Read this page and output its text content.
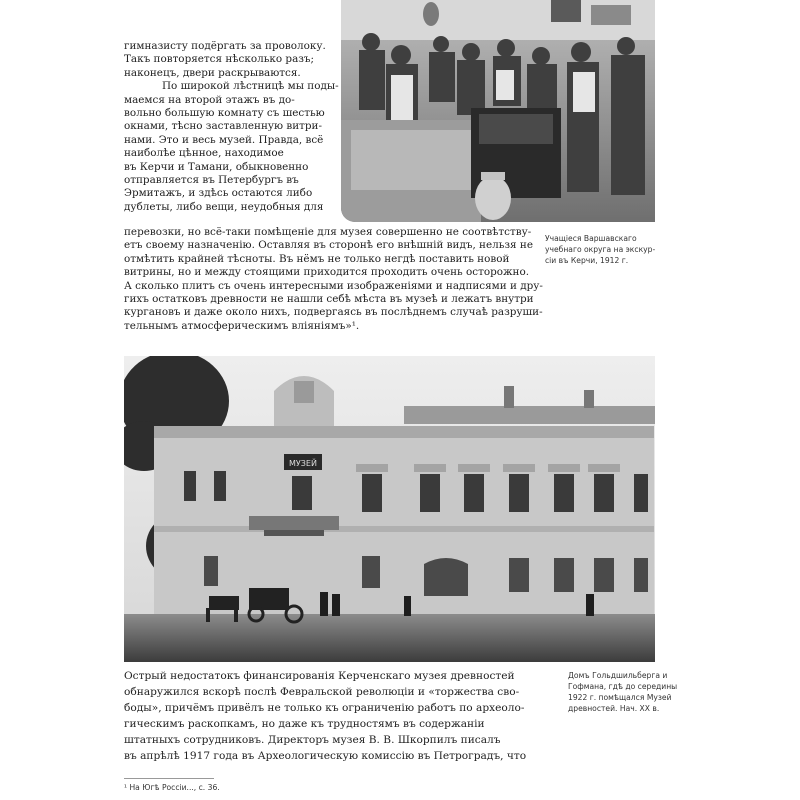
гимназисту подёргать за проволоку.
Такъ повторяется нѣсколько разъ;
наконецъ, двери раскрываются.
По широкой лѣстницѣ мы поды-
маемся на второй этажъ въ до-
вольно большую комнату съ шестью
окнами, тѣсно заставленную витри-
нами. Это и весь музей. Правда, всё
наиболѣе цѣнное, находимое
въ Керчи и Тамани, обыкновенно
отправляется въ Петербургъ въ
Эрмитажъ, и здѣсь остаются либо
дублеты, либо вещи, неудобныя для
Учащіеся Варшавскаго
учебнаго округа на экскур-
сіи въ Керчи, 1912 г.
перевозки, но всё-таки помѣщеніе для музея совершенно не соотвѣтству-
етъ своему назначенію. Оставляя въ сторонѣ его внѣшній видъ, нельзя не
отмѣтить крайней тѣсноты. Въ нёмъ не только негдѣ поставить новой
витрины, но и между стоящими приходится проходить очень осторожно.
А сколько плитъ съ очень интересными изображеніями и надписями и дру-
гихъ остатковъ древности не нашли себѣ мѣста въ музеѣ и лежатъ внутри
кургановъ и даже около нихъ, подвергаясь въ послѣднемъ случаѣ разруши-
тельнымъ атмосферическимъ вліяніямъ»¹.
МУЗЕЙ
Острый недостатокъ финансированія Керченскаго музея древностей
обнаружился вскорѣ послѣ Февральской революціи и «торжества сво-
боды», причёмъ привёлъ не только къ ограниченію работъ по археоло-
гическимъ раскопкамъ, но даже къ трудностямъ въ содержаніи
штатныхъ сотрудниковъ. Директоръ музея В. В. Шкорпилъ писалъ
въ апрѣлѣ 1917 года въ Археологическую комиссію въ Петроградъ, что
Домъ Гольдшильберга и
Гофмана, гдѣ до середины
1922 г. помѣщался Музей
древностей. Нач. XX в.
¹ На Югѣ Россіи..., с. 36.
